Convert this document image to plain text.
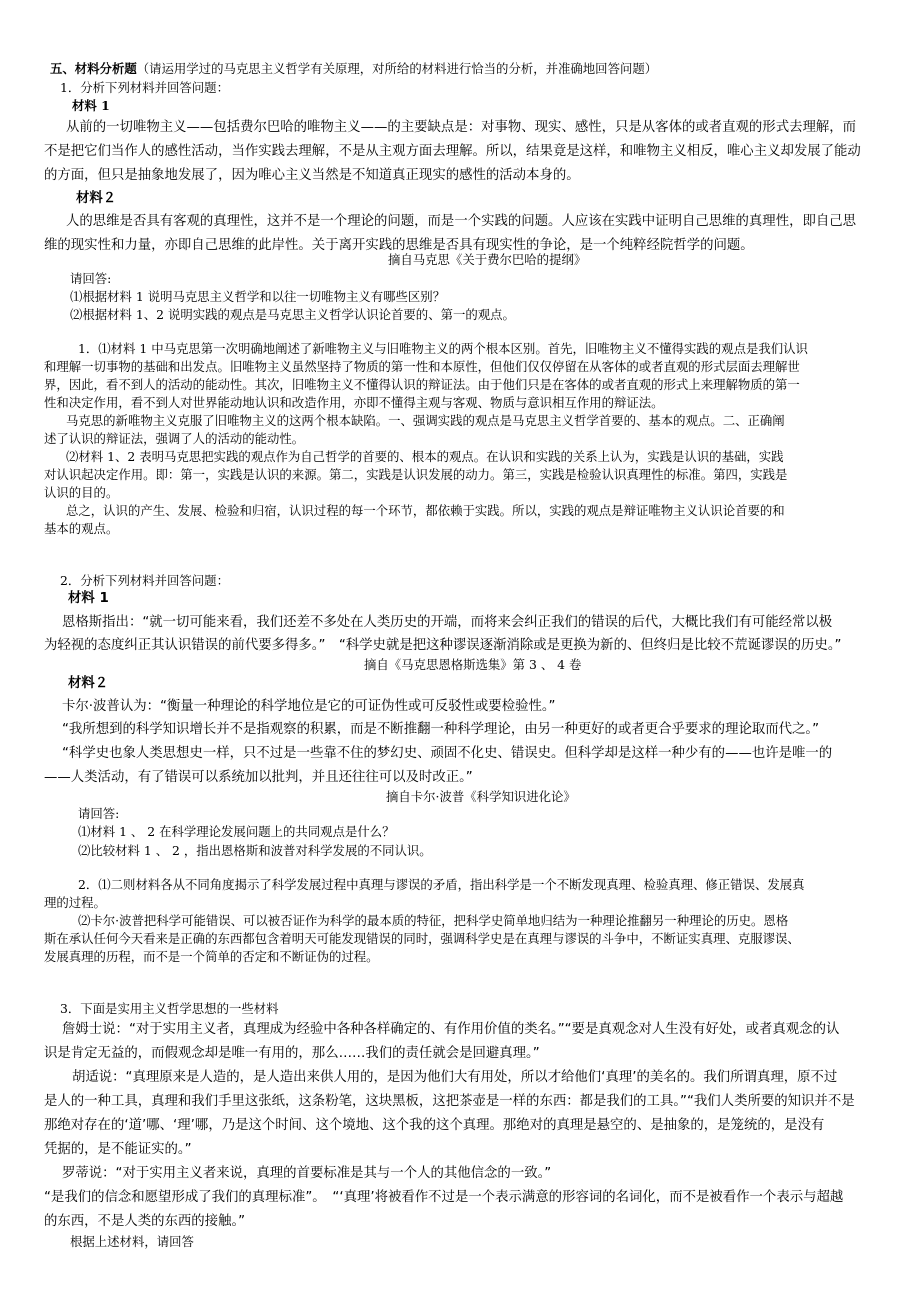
五、材料分析题（请运用学过的马克思主义哲学有关原理，对所给的材料进行恰当的分析，并准确地回答问题）
1．分析下列材料并回答问题：
材料 1
从前的一切唯物主义——包括费尔巴哈的唯物主义——的主要缺点是：对事物、现实、感性，只是从客体的或者直观的形式去理解，而
不是把它们当作人的感性活动，当作实践去理解，不是从主观方面去理解。所以，结果竟是这样，和唯物主义相反，唯心主义却发展了能动
的方面，但只是抽象地发展了，因为唯心主义当然是不知道真正现实的感性的活动本身的。
材料２
人的思维是否具有客观的真理性，这并不是一个理论的问题，而是一个实践的问题。人应该在实践中证明自己思维的真理性，即自己思
维的现实性和力量，亦即自己思维的此岸性。关于离开实践的思维是否具有现实性的争论，是一个纯粹经院哲学的问题。
摘自马克思《关于费尔巴哈的提纲》
请回答:
⑴根据材料 1 说明马克思主义哲学和以往一切唯物主义有哪些区别？
⑵根据材料 1、2 说明实践的观点是马克思主义哲学认识论首要的、第一的观点。
1．⑴材料 1 中马克思第一次明确地阐述了新唯物主义与旧唯物主义的两个根本区别。首先，旧唯物主义不懂得实践的观点是我们认识
和理解一切事物的基础和出发点。旧唯物主义虽然坚持了物质的第一性和本原性，但他们仅仅停留在从客体的或者直观的形式层面去理解世
界，因此，看不到人的活动的能动性。其次，旧唯物主义不懂得认识的辩证法。由于他们只是在客体的或者直观的形式上来理解物质的第一
性和决定作用，看不到人对世界能动地认识和改造作用，亦即不懂得主观与客观、物质与意识相互作用的辩证法。
马克思的新唯物主义克服了旧唯物主义的这两个根本缺陷。一、强调实践的观点是马克思主义哲学首要的、基本的观点。二、正确阐
述了认识的辩证法，强调了人的活动的能动性。
⑵材料 1、2 表明马克思把实践的观点作为自己哲学的首要的、根本的观点。在认识和实践的关系上认为，实践是认识的基础，实践
对认识起决定作用。即：第一，实践是认识的来源。第二，实践是认识发展的动力。第三，实践是检验认识真理性的标准。第四，实践是
认识的目的。
总之，认识的产生、发展、检验和归宿，认识过程的每一个环节，都依赖于实践。所以，实践的观点是辩证唯物主义认识论首要的和
基本的观点。
2．分析下列材料并回答问题：
材料 1
恩格斯指出：“就一切可能来看，我们还差不多处在人类历史的开端，而将来会纠正我们的错误的后代，大概比我们有可能经常以极
为轻视的态度纠正其认识错误的前代要多得多。”　“科学史就是把这种谬误逐渐消除或是更换为新的、但终归是比较不荒诞谬误的历史。”
摘自《马克思恩格斯选集》第 3 、 4 卷
材料２
卡尔·波普认为：“衡量一种理论的科学地位是它的可证伪性或可反驳性或要检验性。”
“我所想到的科学知识增长并不是指观察的积累，而是不断推翻一种科学理论，由另一种更好的或者更合乎要求的理论取而代之。”
“科学史也象人类思想史一样，只不过是一些靠不住的梦幻史、顽固不化史、错误史。但科学却是这样一种少有的——也许是唯一的
——人类活动，有了错误可以系统加以批判，并且还往往可以及时改正。”
摘自卡尔·波普《科学知识进化论》
请回答:
⑴材料 1 、 2 在科学理论发展问题上的共同观点是什么？
⑵比较材料 1 、 2 ，指出恩格斯和波普对科学发展的不同认识。
2．⑴二则材料各从不同角度揭示了科学发展过程中真理与谬误的矛盾，指出科学是一个不断发现真理、检验真理、修正错误、发展真
理的过程。
⑵卡尔·波普把科学可能错误、可以被否证作为科学的最本质的特征，把科学史简单地归结为一种理论推翻另一种理论的历史。恩格
斯在承认任何今天看来是正确的东西都包含着明天可能发现错误的同时，强调科学史是在真理与谬误的斗争中，不断证实真理、克服谬误、
发展真理的历程，而不是一个简单的否定和不断证伪的过程。
3．下面是实用主义哲学思想的一些材料
詹姆士说：“对于实用主义者，真理成为经验中各种各样确定的、有作用价值的类名。”“要是真观念对人生没有好处，或者真观念的认
识是肯定无益的，而假观念却是唯一有用的，那么……我们的责任就会是回避真理。”
胡适说：“真理原来是人造的，是人造出来供人用的，是因为他们大有用处，所以才给他们‘真理’的美名的。我们所谓真理，原不过
是人的一种工具，真理和我们手里这张纸，这条粉笔，这块黑板，这把茶壶是一样的东西：都是我们的工具。”“我们人类所要的知识并不是
那绝对存在的‘道’哪、‘理’哪，乃是这个时间、这个境地、这个我的这个真理。那绝对的真理是悬空的、是抽象的，是笼统的，是没有
凭据的，是不能证实的。”
罗蒂说：“对于实用主义者来说，真理的首要标准是其与一个人的其他信念的一致。”
“是我们的信念和愿望形成了我们的真理标准”。　“‘真理’将被看作不过是一个表示满意的形容词的名词化，而不是被看作一个表示与超越
的东西，不是人类的东西的接触。”
根据上述材料，请回答
